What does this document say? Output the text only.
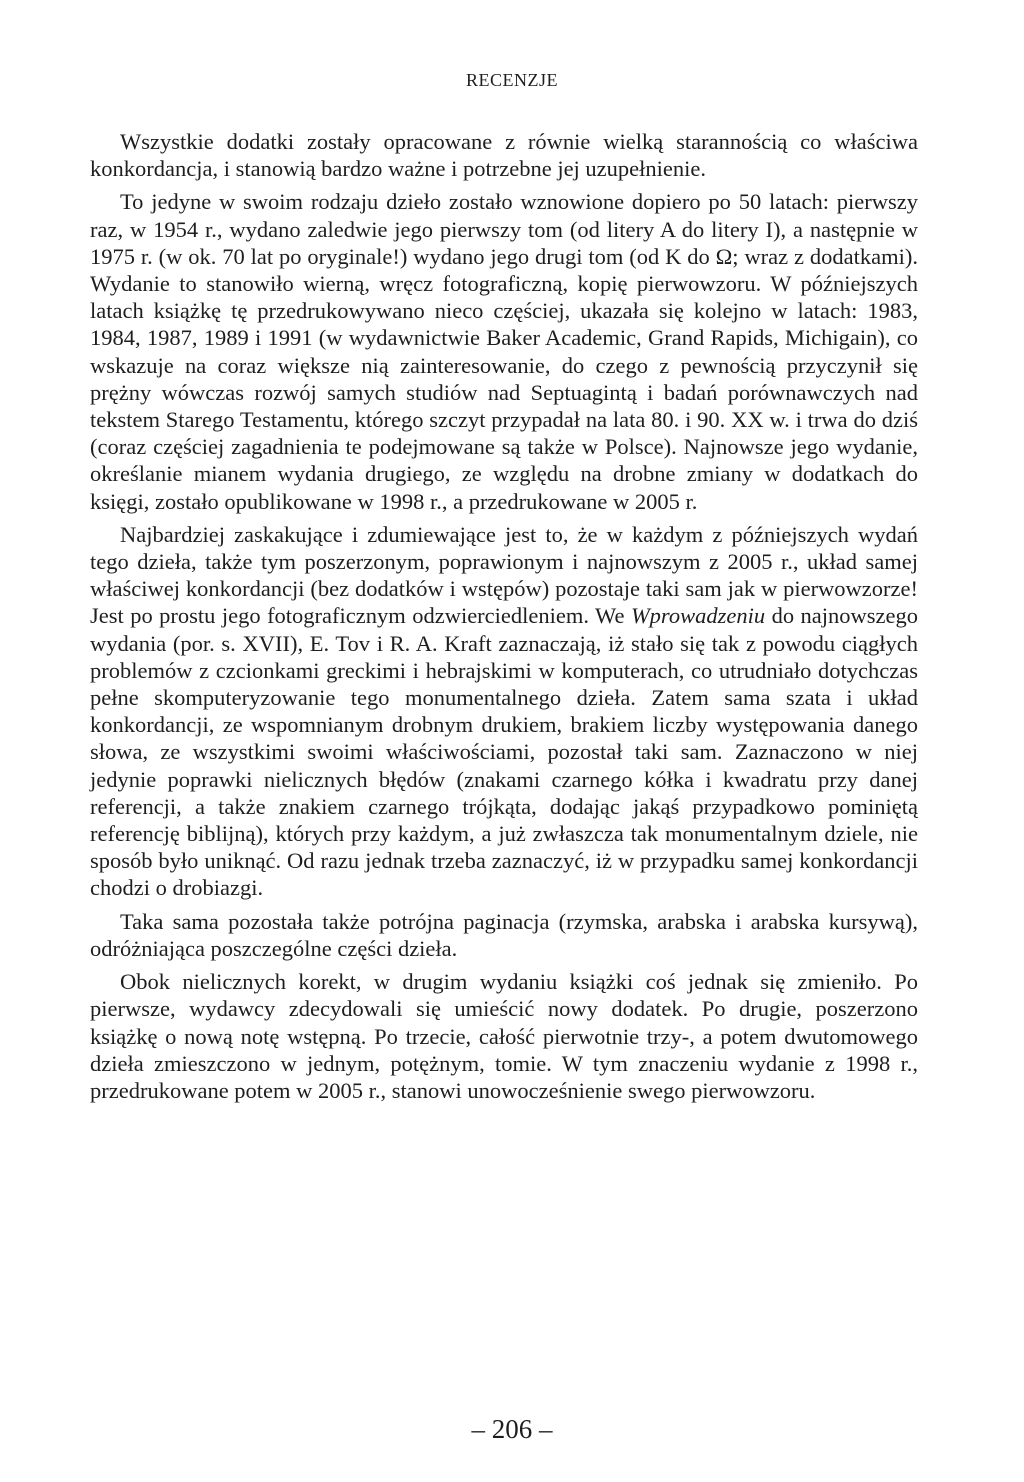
RECENZJE

Wszystkie dodatki zostały opracowane z równie wielką starannością co właściwa konkordancja, i stanowią bardzo ważne i potrzebne jej uzupełnienie.

To jedyne w swoim rodzaju dzieło zostało wznowione dopiero po 50 latach: pierwszy raz, w 1954 r., wydano zaledwie jego pierwszy tom (od litery A do litery I), a następnie w 1975 r. (w ok. 70 lat po oryginale!) wydano jego drugi tom (od K do Ω; wraz z dodatkami). Wydanie to stanowiło wierną, wręcz fotograficzną, kopię pierwowzoru. W późniejszych latach książkę tę przedrukowywano nieco częściej, ukazała się kolejno w latach: 1983, 1984, 1987, 1989 i 1991 (w wydawnictwie Baker Academic, Grand Rapids, Michigain), co wskazuje na coraz większe nią zainteresowanie, do czego z pewnością przyczynił się prężny wówczas rozwój samych studiów nad Septuagintą i badań porównawczych nad tekstem Starego Testamentu, którego szczyt przypadał na lata 80. i 90. XX w. i trwa do dziś (coraz częściej zagadnienia te podejmowane są także w Polsce). Najnowsze jego wydanie, określanie mianem wydania drugiego, ze względu na drobne zmiany w dodatkach do księgi, zostało opublikowane w 1998 r., a przedrukowane w 2005 r.

Najbardziej zaskakujące i zdumiewające jest to, że w każdym z późniejszych wydań tego dzieła, także tym poszerzonym, poprawionym i najnowszym z 2005 r., układ samej właściwej konkordancji (bez dodatków i wstępów) pozostaje taki sam jak w pierwowzorze! Jest po prostu jego fotograficznym odzwierciedleniem. We Wprowadzeniu do najnowszego wydania (por. s. XVII), E. Tov i R. A. Kraft zaznaczają, iż stało się tak z powodu ciągłych problemów z czcionkami greckimi i hebrajskimi w komputerach, co utrudniało dotychczas pełne skomputeryzowanie tego monumentalnego dzieła. Zatem sama szata i układ konkordancji, ze wspomnianym drobnym drukiem, brakiem liczby występowania danego słowa, ze wszystkimi swoimi właściwościami, pozostał taki sam. Zaznaczono w niej jedynie poprawki nielicznych błędów (znakami czarnego kółka i kwadratu przy danej referencji, a także znakiem czarnego trójkąta, dodając jakąś przypadkowo pominiętą referencję biblijną), których przy każdym, a już zwłaszcza tak monumentalnym dziele, nie sposób było uniknąć. Od razu jednak trzeba zaznaczyć, iż w przypadku samej konkordancji chodzi o drobiazgi.

Taka sama pozostała także potrójna paginacja (rzymska, arabska i arabska kursywą), odróżniająca poszczególne części dzieła.

Obok nielicznych korekt, w drugim wydaniu książki coś jednak się zmieniło. Po pierwsze, wydawcy zdecydowali się umieścić nowy dodatek. Po drugie, poszerzono książkę o nową notę wstępną. Po trzecie, całość pierwotnie trzy-, a potem dwutomowego dzieła zmieszczono w jednym, potężnym, tomie. W tym znaczeniu wydanie z 1998 r., przedrukowane potem w 2005 r., stanowi unowocześnienie swego pierwowzoru.

– 206 –
